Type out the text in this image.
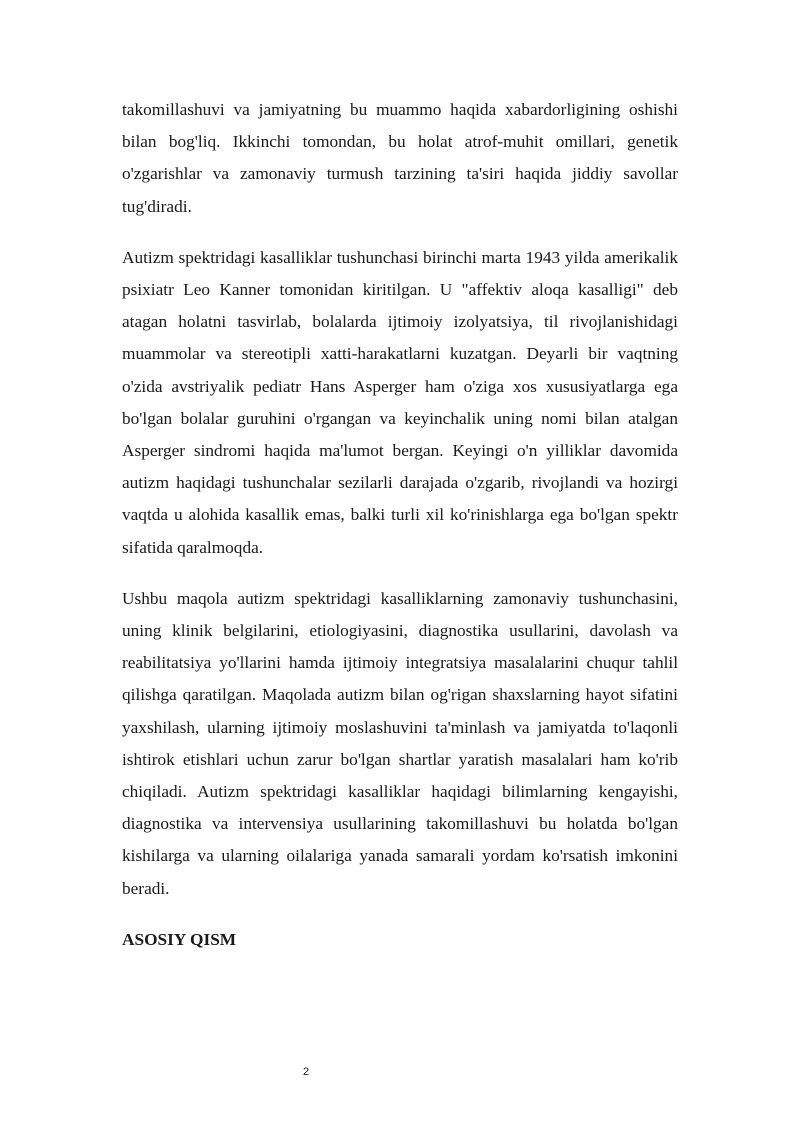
takomillashuvi va jamiyatning bu muammo haqida xabardorligining oshishi bilan bog'liq. Ikkinchi tomondan, bu holat atrof-muhit omillari, genetik o'zgarishlar va zamonaviy turmush tarzining ta'siri haqida jiddiy savollar tug'diradi.

Autizm spektridagi kasalliklar tushunchasi birinchi marta 1943 yilda amerikalik psixiatr Leo Kanner tomonidan kiritilgan. U "affektiv aloqa kasalligi" deb atagan holatni tasvirlab, bolalarda ijtimoiy izolyatsiya, til rivojlanishidagi muammolar va stereotipli xatti-harakatlarni kuzatgan. Deyarli bir vaqtning o'zida avstriyalik pediatr Hans Asperger ham o'ziga xos xususiyatlarga ega bo'lgan bolalar guruhini o'rgangan va keyinchalik uning nomi bilan atalgan Asperger sindromi haqida ma'lumot bergan. Keyingi o'n yilliklar davomida autizm haqidagi tushunchalar sezilarli darajada o'zgarib, rivojlandi va hozirgi vaqtda u alohida kasallik emas, balki turli xil ko'rinishlarga ega bo'lgan spektr sifatida qaralmoqda.

Ushbu maqola autizm spektridagi kasalliklarning zamonaviy tushunchasini, uning klinik belgilarini, etiologiyasini, diagnostika usullarini, davolash va reabilitatsiya yo'llarini hamda ijtimoiy integratsiya masalalarini chuqur tahlil qilishga qaratilgan. Maqolada autizm bilan og'rigan shaxslarning hayot sifatini yaxshilash, ularning ijtimoiy moslashuvini ta'minlash va jamiyatda to'laqonli ishtirok etishlari uchun zarur bo'lgan shartlar yaratish masalalari ham ko'rib chiqiladi. Autizm spektridagi kasalliklar haqidagi bilimlarning kengayishi, diagnostika va intervensiya usullarining takomillashuvi bu holatda bo'lgan kishilarga va ularning oilalariga yanada samarali yordam ko'rsatish imkonini beradi.

ASOSIY QISM
2
